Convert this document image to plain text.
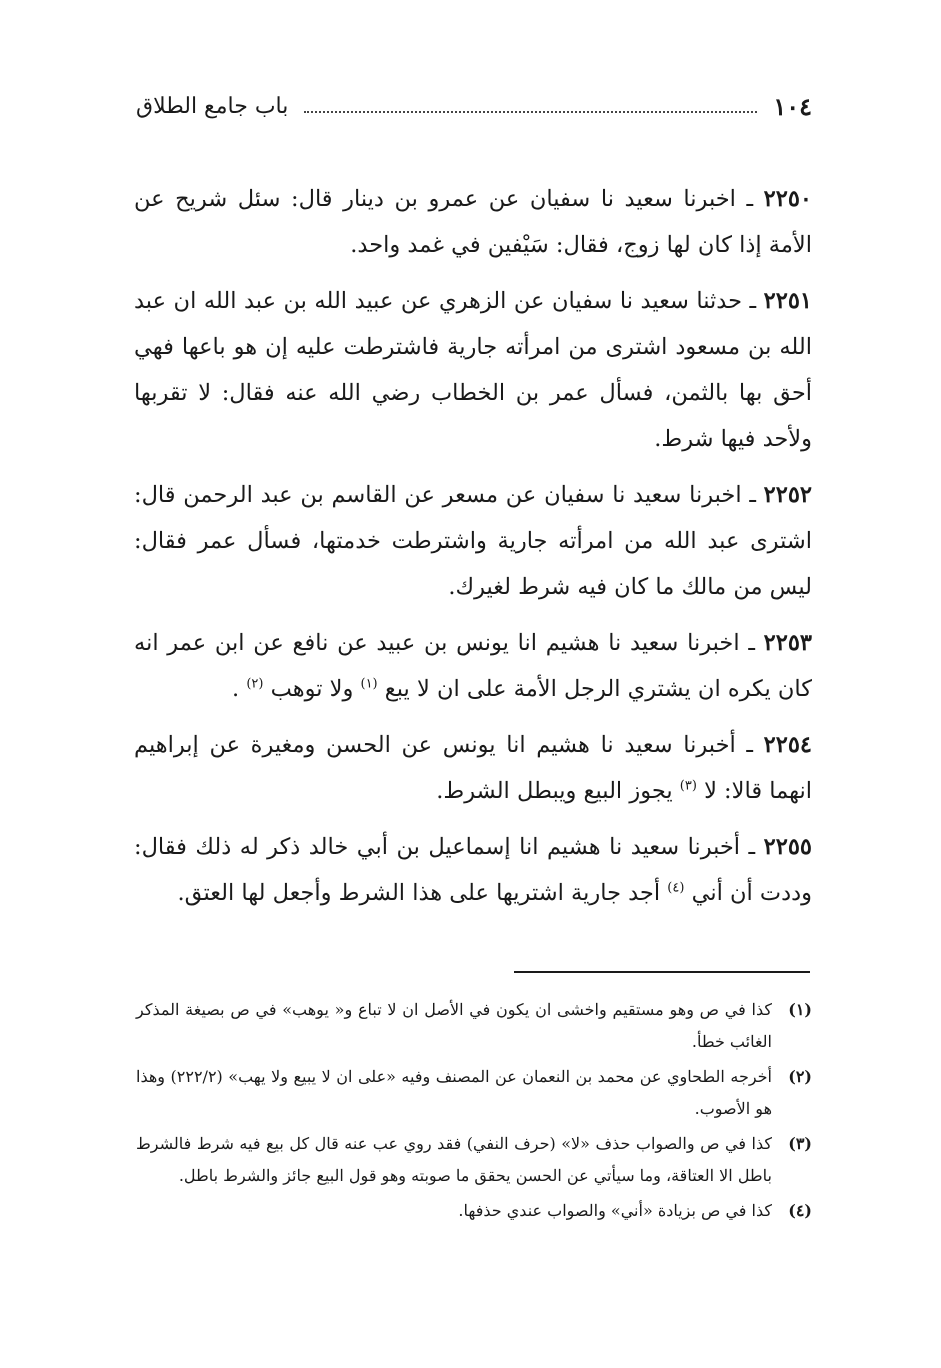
١٠٤
باب جامع الطلاق

٢٢٥٠ ـ اخبرنا سعيد نا سفيان عن عمرو بن دينار قال: سئل شريح عن الأمة إذا كان لها زوج، فقال: سَيْفين في غمد واحد.

٢٢٥١ ـ حدثنا سعيد نا سفيان عن الزهري عن عبيد الله بن عبد الله ان عبد الله بن مسعود اشترى من امرأته جارية فاشترطت عليه إن هو باعها فهي أحق بها بالثمن، فسأل عمر بن الخطاب رضي الله عنه فقال: لا تقربها ولأحد فيها شرط.

٢٢٥٢ ـ اخبرنا سعيد نا سفيان عن مسعر عن القاسم بن عبد الرحمن قال: اشترى عبد الله من امرأته جارية واشترطت خدمتها، فسأل عمر فقال: ليس من مالك ما كان فيه شرط لغيرك.

٢٢٥٣ ـ اخبرنا سعيد نا هشيم انا يونس بن عبيد عن نافع عن ابن عمر انه كان يكره ان يشتري الرجل الأمة على ان لا يبع $^{(١)}$ ولا توهب $^{(٢)}$ .

٢٢٥٤ ـ أخبرنا سعيد نا هشيم انا يونس عن الحسن ومغيرة عن إبراهيم انهما قالا: لا $^{(٣)}$ يجوز البيع ويبطل الشرط.

٢٢٥٥ ـ أخبرنا سعيد نا هشيم انا إسماعيل بن أبي خالد ذكر له ذلك فقال: وددت أن أني $^{(٤)}$ أجد جارية اشتريها على هذا الشرط وأجعل لها العتق.

(١)
كذا في ص وهو مستقيم واخشى ان يكون في الأصل ان لا تباع و« يوهب» في ص بصيغة المذكر الغائب خطأ.
(٢)
أخرجه الطحاوي عن محمد بن النعمان عن المصنف وفيه «على ان لا يبيع ولا يهب» (٢٢٢/٢) وهذا هو الأصوب.
(٣)
كذا في ص والصواب حذف «لا» (حرف النفي) فقد روي عب عنه قال كل بيع فيه شرط فالشرط باطل الا العتاقة، وما سيأتي عن الحسن يحقق ما صوبته وهو قول البيع جائز والشرط باطل.
(٤)
كذا في ص بزيادة «أني» والصواب عندي حذفها.
